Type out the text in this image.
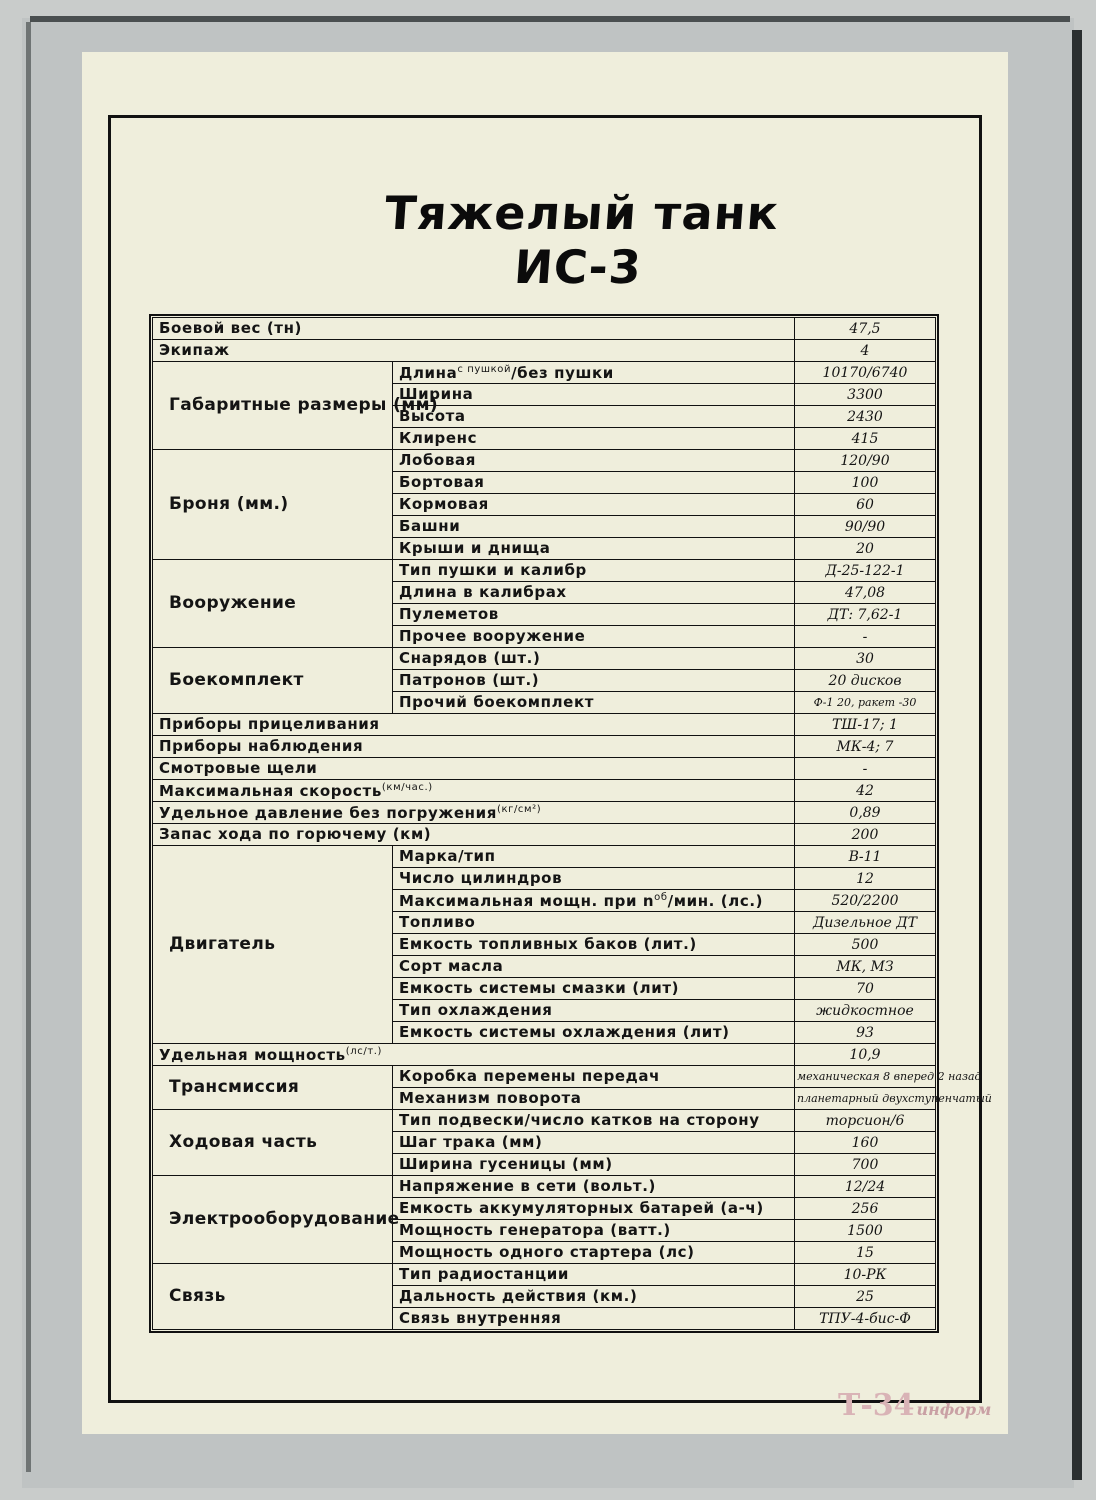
Тяжелый танк ИС-3
Боевой вес (тн)		47,5
Экипаж		4
Габаритные размеры (мм)	Длина$^{с пушкой}$/без пушки	10170/6740
	Ширина	3300
	Высота	2430
	Клиренс	415
Броня (мм.)	Лобовая	120/90
	Бортовая	100
	Кормовая	60
	Башни	90/90
	Крыши и днища	20
Вооружение	Тип пушки и калибр	Д-25-122-1
	Длина в калибрах	47,08
	Пулеметов	ДТ: 7,62-1
	Прочее вооружение	-
Боекомплект	Снарядов (шт.)	30
	Патронов (шт.)	20 дисков
	Прочий боекомплект	Ф-1 20, ракет -30
Приборы прицеливания		ТШ-17; 1
Приборы наблюдения		МК-4; 7
Смотровые щели		-
Максимальная скорость$^{(км/час.)}$		42
Удельное давление без погружения$^{(кг/см^2)}$		0,89
Запас хода по горючему (км)		200
Двигатель	Марка/тип	В-11
	Число цилиндров	12
	Максимальная мощн. при $n^{об}$/мин. (лс.)	520/2200
	Топливо	Дизельное ДТ
	Емкость топливных баков (лит.)	500
	Сорт масла	МК, МЗ
	Емкость системы смазки (лит)	70
	Тип охлаждения	жидкостное
	Емкость системы охлаждения (лит)	93
Удельная мощность$^{(лс/т.)}$		10,9
Трансмиссия	Коробка перемены передач	механическая 8 вперед 2 назад
	Механизм поворота	планетарный двухступенчатый
Ходовая часть	Тип подвески/число катков на сторону	торсион/6
	Шаг трака (мм)	160
	Ширина гусеницы (мм)	700
Электрооборудование	Напряжение в сети (вольт.)	12/24
	Емкость аккумуляторных батарей (а-ч)	256
	Мощность генератора (ватт.)	1500
	Мощность одного стартера (лс)	15
Связь	Тип радиостанции	10-РК
	Дальность действия (км.)	25
	Связь внутренняя	ТПУ-4-бис-Ф
Т-34 информ
